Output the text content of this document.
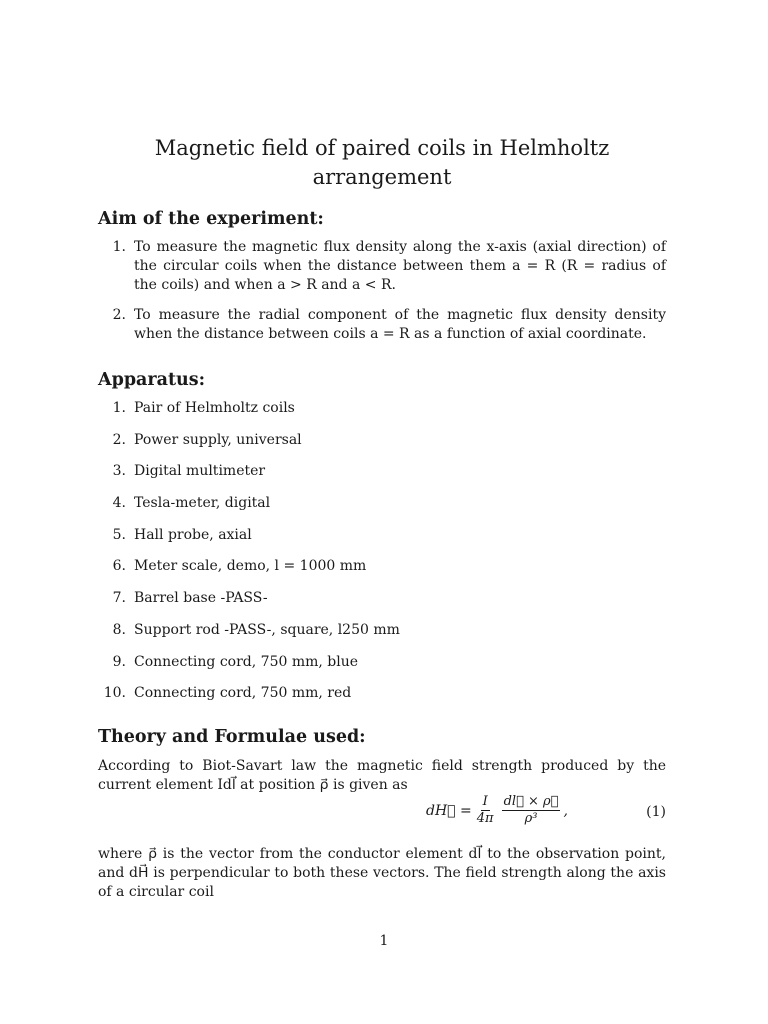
Magnetic field of paired coils in Helmholtz arrangement
Aim of the experiment:
1. To measure the magnetic flux density along the x-axis (axial direction) of the circular coils when the distance between them a = R (R = radius of the coils) and when a > R and a < R.
2. To measure the radial component of the magnetic flux density density when the distance between coils a = R as a function of axial coordinate.
Apparatus:
1. Pair of Helmholtz coils
2. Power supply, universal
3. Digital multimeter
4. Tesla-meter, digital
5. Hall probe, axial
6. Meter scale, demo, l = 1000 mm
7. Barrel base -PASS-
8. Support rod -PASS-, square, l250 mm
9. Connecting cord, 750 mm, blue
10. Connecting cord, 750 mm, red
Theory and Formulae used:

According to Biot-Savart law the magnetic field strength produced by the current element Idl⃗ at position ρ⃗ is given as

dH⃗ = $\frac{I}{4\pi} \frac{dl⃗ \times \rho⃗}{\text{ρ³}}$ ,	(1)

where ρ⃗ is the vector from the conductor element dl⃗ to the observation point, and dH⃗ is perpendicular to both these vectors. The field strength along the axis of a circular coil

1
